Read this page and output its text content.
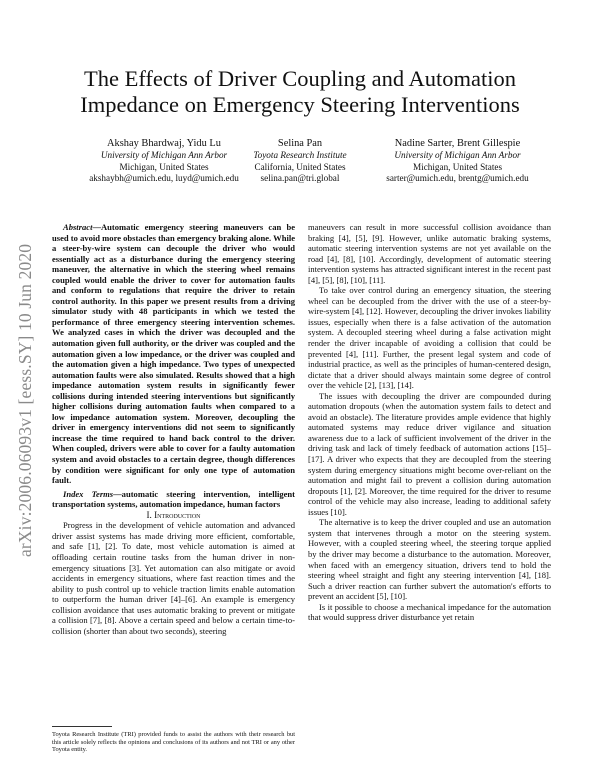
arXiv:2006.06093v1 [eess.SY] 10 Jun 2020
The Effects of Driver Coupling and Automation
Impedance on Emergency Steering Interventions
Akshay Bhardwaj, Yidu Lu
University of Michigan Ann Arbor
Michigan, United States
akshaybh@umich.edu, luyd@umich.edu
Selina Pan
Toyota Research Institute
California, United States
selina.pan@tri.global
Nadine Sarter, Brent Gillespie
University of Michigan Ann Arbor
Michigan, United States
sarter@umich.edu, brentg@umich.edu

Abstract—Automatic emergency steering maneuvers can be used to avoid more obstacles than emergency braking alone. While a steer-by-wire system can decouple the driver who would essentially act as a disturbance during the emergency steering maneuver, the alternative in which the steering wheel remains coupled would enable the driver to cover for automation faults and conform to regulations that require the driver to retain control authority. In this paper we present results from a driving simulator study with 48 participants in which we tested the performance of three emergency steering intervention schemes. We analyzed cases in which the driver was decoupled and the automation given full authority, or the driver was coupled and the automation given a low impedance, or the driver was coupled and the automation given a high impedance. Two types of unexpected automation faults were also simulated. Results showed that a high impedance automation system results in significantly fewer collisions during intended steering interventions but significantly higher collisions during automation faults when compared to a low impedance automation system. Moreover, decoupling the driver in emergency interventions did not seem to significantly increase the time required to hand back control to the driver. When coupled, drivers were able to cover for a faulty automation system and avoid obstacles to a certain degree, though differences by condition were significant for only one type of automation fault.

Index Terms—automatic steering intervention, intelligent transportation systems, automation impedance, human factors

I. Introduction

Progress in the development of vehicle automation and advanced driver assist systems has made driving more efficient, comfortable, and safe [1], [2]. To date, most vehicle automation is aimed at offloading certain routine tasks from the human driver in non-emergency situations [3]. Yet automation can also mitigate or avoid accidents in emergency situations, where fast reaction times and the ability to push control up to vehicle traction limits enable automation to outperform the human driver [4]–[6]. An example is emergency collision avoidance that uses automatic braking to prevent or mitigate a collision [7], [8]. Above a certain speed and below a certain time-to-collision (shorter than about two seconds), steering

Toyota Research Institute (TRI) provided funds to assist the authors with their research but this article solely reflects the opinions and conclusions of its authors and not TRI or any other Toyota entity.

maneuvers can result in more successful collision avoidance than braking [4], [5], [9]. However, unlike automatic braking systems, automatic steering intervention systems are not yet available on the road [4], [8], [10]. Accordingly, development of automatic steering intervention systems has attracted significant interest in the recent past [4], [5], [8], [10], [11].

To take over control during an emergency situation, the steering wheel can be decoupled from the driver with the use of a steer-by-wire-system [4], [12]. However, decoupling the driver invokes liability issues, especially when there is a false activation of the automation system. A decoupled steering wheel during a false activation might render the driver incapable of avoiding a collision that could be prevented [4], [11]. Further, the present legal system and code of industrial practice, as well as the principles of human-centered design, dictate that a driver should always maintain some degree of control over the vehicle [2], [13], [14].

The issues with decoupling the driver are compounded during automation dropouts (when the automation system fails to detect and avoid an obstacle). The literature provides ample evidence that highly automated systems may reduce driver vigilance and situation awareness due to a lack of sufficient involvement of the driver in the driving task and lack of timely feedback of automation actions [15]–[17]. A driver who expects that they are decoupled from the steering system during emergency situations might become over-reliant on the automation and might fail to prevent a collision during automation dropouts [1], [2]. Moreover, the time required for the driver to resume control of the vehicle may also increase, leading to additional safety issues [10].

The alternative is to keep the driver coupled and use an automation system that intervenes through a motor on the steering system. However, with a coupled steering wheel, the steering torque applied by the driver may become a disturbance to the automation. Moreover, when faced with an emergency situation, drivers tend to hold the steering wheel straight and fight any steering intervention [4], [18]. Such a driver reaction can further subvert the automation's efforts to prevent an accident [5], [10].

Is it possible to choose a mechanical impedance for the automation that would suppress driver disturbance yet retain
